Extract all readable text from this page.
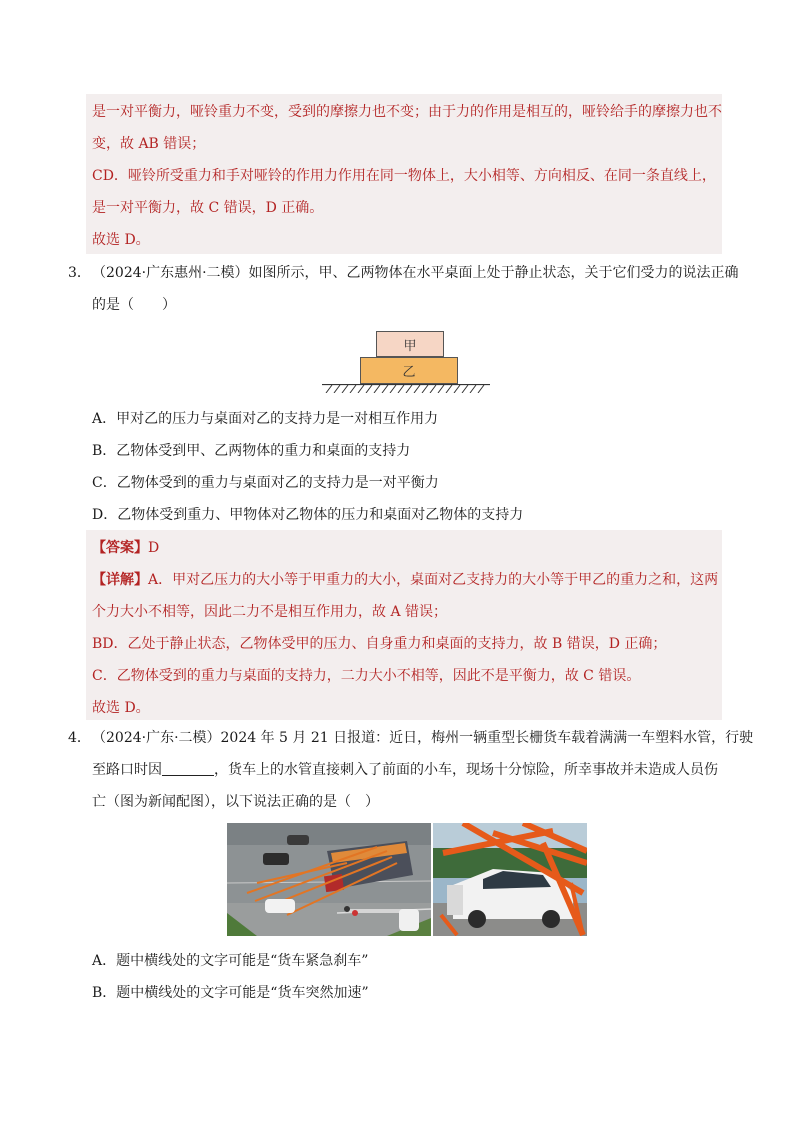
是一对平衡力，哑铃重力不变，受到的摩擦力也不变；由于力的作用是相互的，哑铃给手的摩擦力也不
变，故 AB 错误；
CD．哑铃所受重力和手对哑铃的作用力作用在同一物体上，大小相等、方向相反、在同一条直线上，
是一对平衡力，故 C 错误，D 正确。
故选 D。
3． （2024·广东惠州·二模）如图所示，甲、乙两物体在水平桌面上处于静止状态，关于它们受力的说法正确
的是（　　）
甲
乙
A．甲对乙的压力与桌面对乙的支持力是一对相互作用力
B．乙物体受到甲、乙两物体的重力和桌面的支持力
C．乙物体受到的重力与桌面对乙的支持力是一对平衡力
D．乙物体受到重力、甲物体对乙物体的压力和桌面对乙物体的支持力
【答案】D
【详解】A．甲对乙压力的大小等于甲重力的大小，桌面对乙支持力的大小等于甲乙的重力之和，这两
个力大小不相等，因此二力不是相互作用力，故 A 错误；
BD．乙处于静止状态，乙物体受甲的压力、自身重力和桌面的支持力，故 B 错误，D 正确；
C．乙物体受到的重力与桌面的支持力，二力大小不相等，因此不是平衡力，故 C 错误。
故选 D。
4． （2024·广东·二模）2024 年 5 月 21 日报道：近日，梅州一辆重型长栅货车载着满满一车塑料水管，行驶
至路口时因	，货车上的水管直接刺入了前面的小车，现场十分惊险，所幸事故并未造成人员伤
亡（图为新闻配图），以下说法正确的是（　）
A．题中横线处的文字可能是“货车紧急刹车”
B．题中横线处的文字可能是“货车突然加速”
